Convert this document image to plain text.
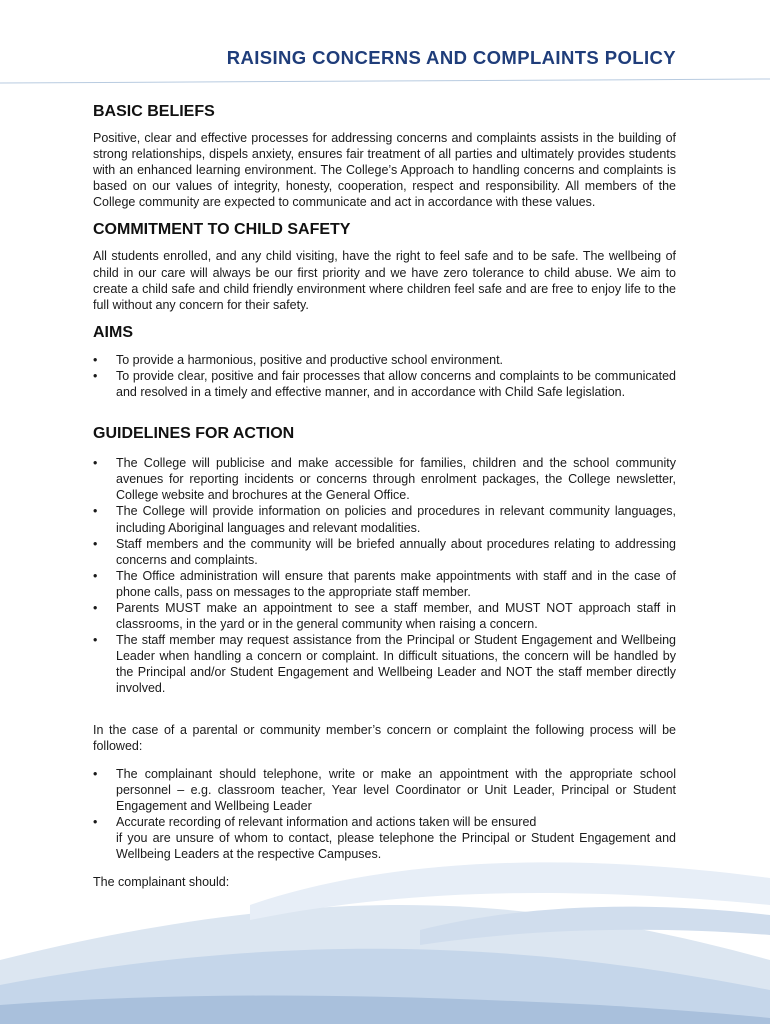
RAISING CONCERNS AND COMPLAINTS POLICY
BASIC BELIEFS

Positive, clear and effective processes for addressing concerns and complaints assists in the building of strong relationships, dispels anxiety, ensures fair treatment of all parties and ultimately provides students with an enhanced learning environment. The College’s Approach to handling concerns and complaints is based on our values of integrity, honesty, cooperation, respect and responsibility. All members of the College community are expected to communicate and act in accordance with these values.

COMMITMENT TO CHILD SAFETY

All students enrolled, and any child visiting, have the right to feel safe and to be safe. The wellbeing of child in our care will always be our first priority and we have zero tolerance to child abuse. We aim to create a child safe and child friendly environment where children feel safe and are free to enjoy life to the full without any concern for their safety.

AIMS
• To provide a harmonious, positive and productive school environment.
• To provide clear, positive and fair processes that allow concerns and complaints to be communicated and resolved in a timely and effective manner, and in accordance with Child Safe legislation.
GUIDELINES FOR ACTION
• The College will publicise and make accessible for families, children and the school community avenues for reporting incidents or concerns through enrolment packages, the College newsletter, College website and brochures at the General Office.
• The College will provide information on policies and procedures in relevant community languages, including Aboriginal languages and relevant modalities.
• Staff members and the community will be briefed annually about procedures relating to addressing concerns and complaints.
• The Office administration will ensure that parents make appointments with staff and in the case of phone calls, pass on messages to the appropriate staff member.
• Parents MUST make an appointment to see a staff member, and MUST NOT approach staff in classrooms, in the yard or in the general community when raising a concern.
• The staff member may request assistance from the Principal or Student Engagement and Wellbeing Leader when handling a concern or complaint. In difficult situations, the concern will be handled by the Principal and/or Student Engagement and Wellbeing Leader and NOT the staff member directly involved.

In the case of a parental or community member’s concern or complaint the following process will be followed:

• The complainant should telephone, write or make an appointment with the appropriate school personnel – e.g. classroom teacher, Year level Coordinator or Unit Leader, Principal or Student Engagement and Wellbeing Leader
• Accurate recording of relevant information and actions taken will be ensured
if you are unsure of whom to contact, please telephone the Principal or Student Engagement and Wellbeing Leaders at the respective Campuses.

The complainant should:
